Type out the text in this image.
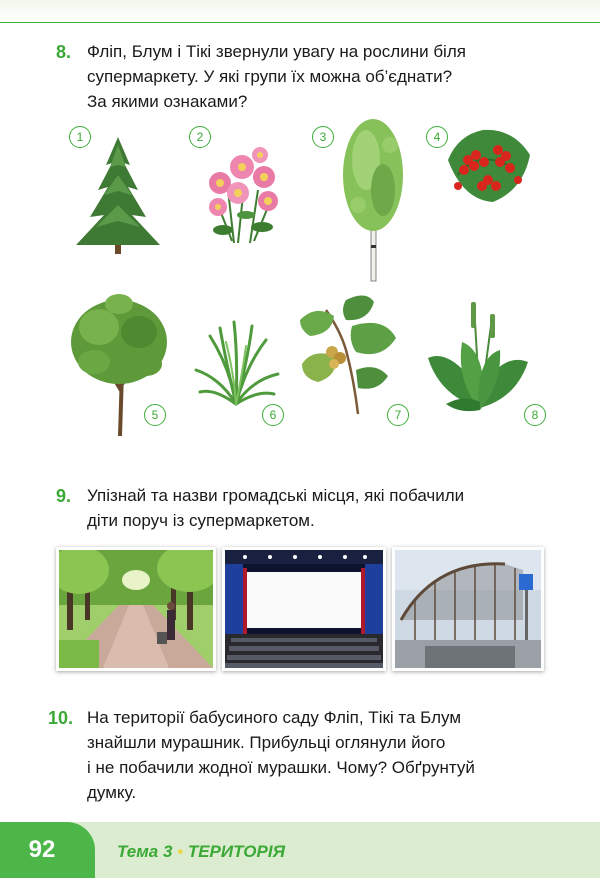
8. Фліп, Блум і Тікі звернули увагу на рослини біля
супермаркету. У які групи їх можна об’єднати?
За якими ознаками?
1	2	3	4
5	6	7	8
9. Упізнай та назви громадські місця, які побачили
діти поруч із супермаркетом.
10. На території бабусиного саду Фліп, Тікі та Блум
знайшли мурашник. Прибульці оглянули його
і не побачили жодної мурашки. Чому? Обґрунтуй
думку.
92	Тема 3 • ТЕРИТОРІЯ
